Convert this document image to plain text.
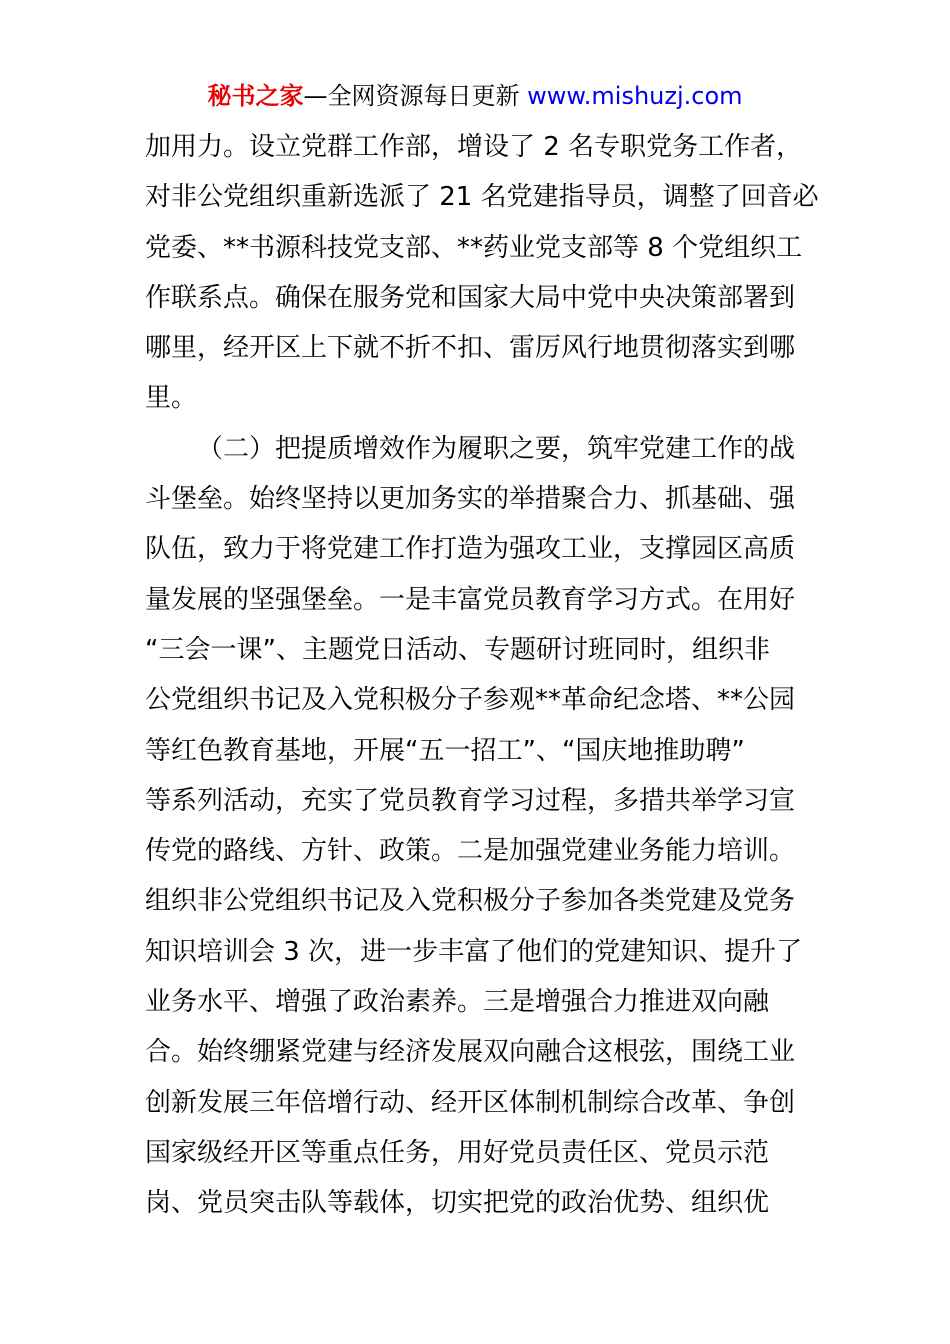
秘书之家—全网资源每日更新 www.mishuzj.com
加用力。设立党群工作部，增设了 2 名专职党务工作者，
对非公党组织重新选派了 21 名党建指导员，调整了回音必
党委、**书源科技党支部、**药业党支部等 8 个党组织工
作联系点。确保在服务党和国家大局中党中央决策部署到
哪里，经开区上下就不折不扣、雷厉风行地贯彻落实到哪
里。
（二）把提质增效作为履职之要，筑牢党建工作的战
斗堡垒。始终坚持以更加务实的举措聚合力、抓基础、强
队伍，致力于将党建工作打造为强攻工业，支撑园区高质
量发展的坚强堡垒。一是丰富党员教育学习方式。在用好
“三会一课”、主题党日活动、专题研讨班同时，组织非
公党组织书记及入党积极分子参观**革命纪念塔、**公园
等红色教育基地，开展“五一招工”、“国庆地推助聘”
等系列活动，充实了党员教育学习过程，多措共举学习宣
传党的路线、方针、政策。二是加强党建业务能力培训。
组织非公党组织书记及入党积极分子参加各类党建及党务
知识培训会 3 次，进一步丰富了他们的党建知识、提升了
业务水平、增强了政治素养。三是增强合力推进双向融
合。始终绷紧党建与经济发展双向融合这根弦，围绕工业
创新发展三年倍增行动、经开区体制机制综合改革、争创
国家级经开区等重点任务，用好党员责任区、党员示范
岗、党员突击队等载体，切实把党的政治优势、组织优
